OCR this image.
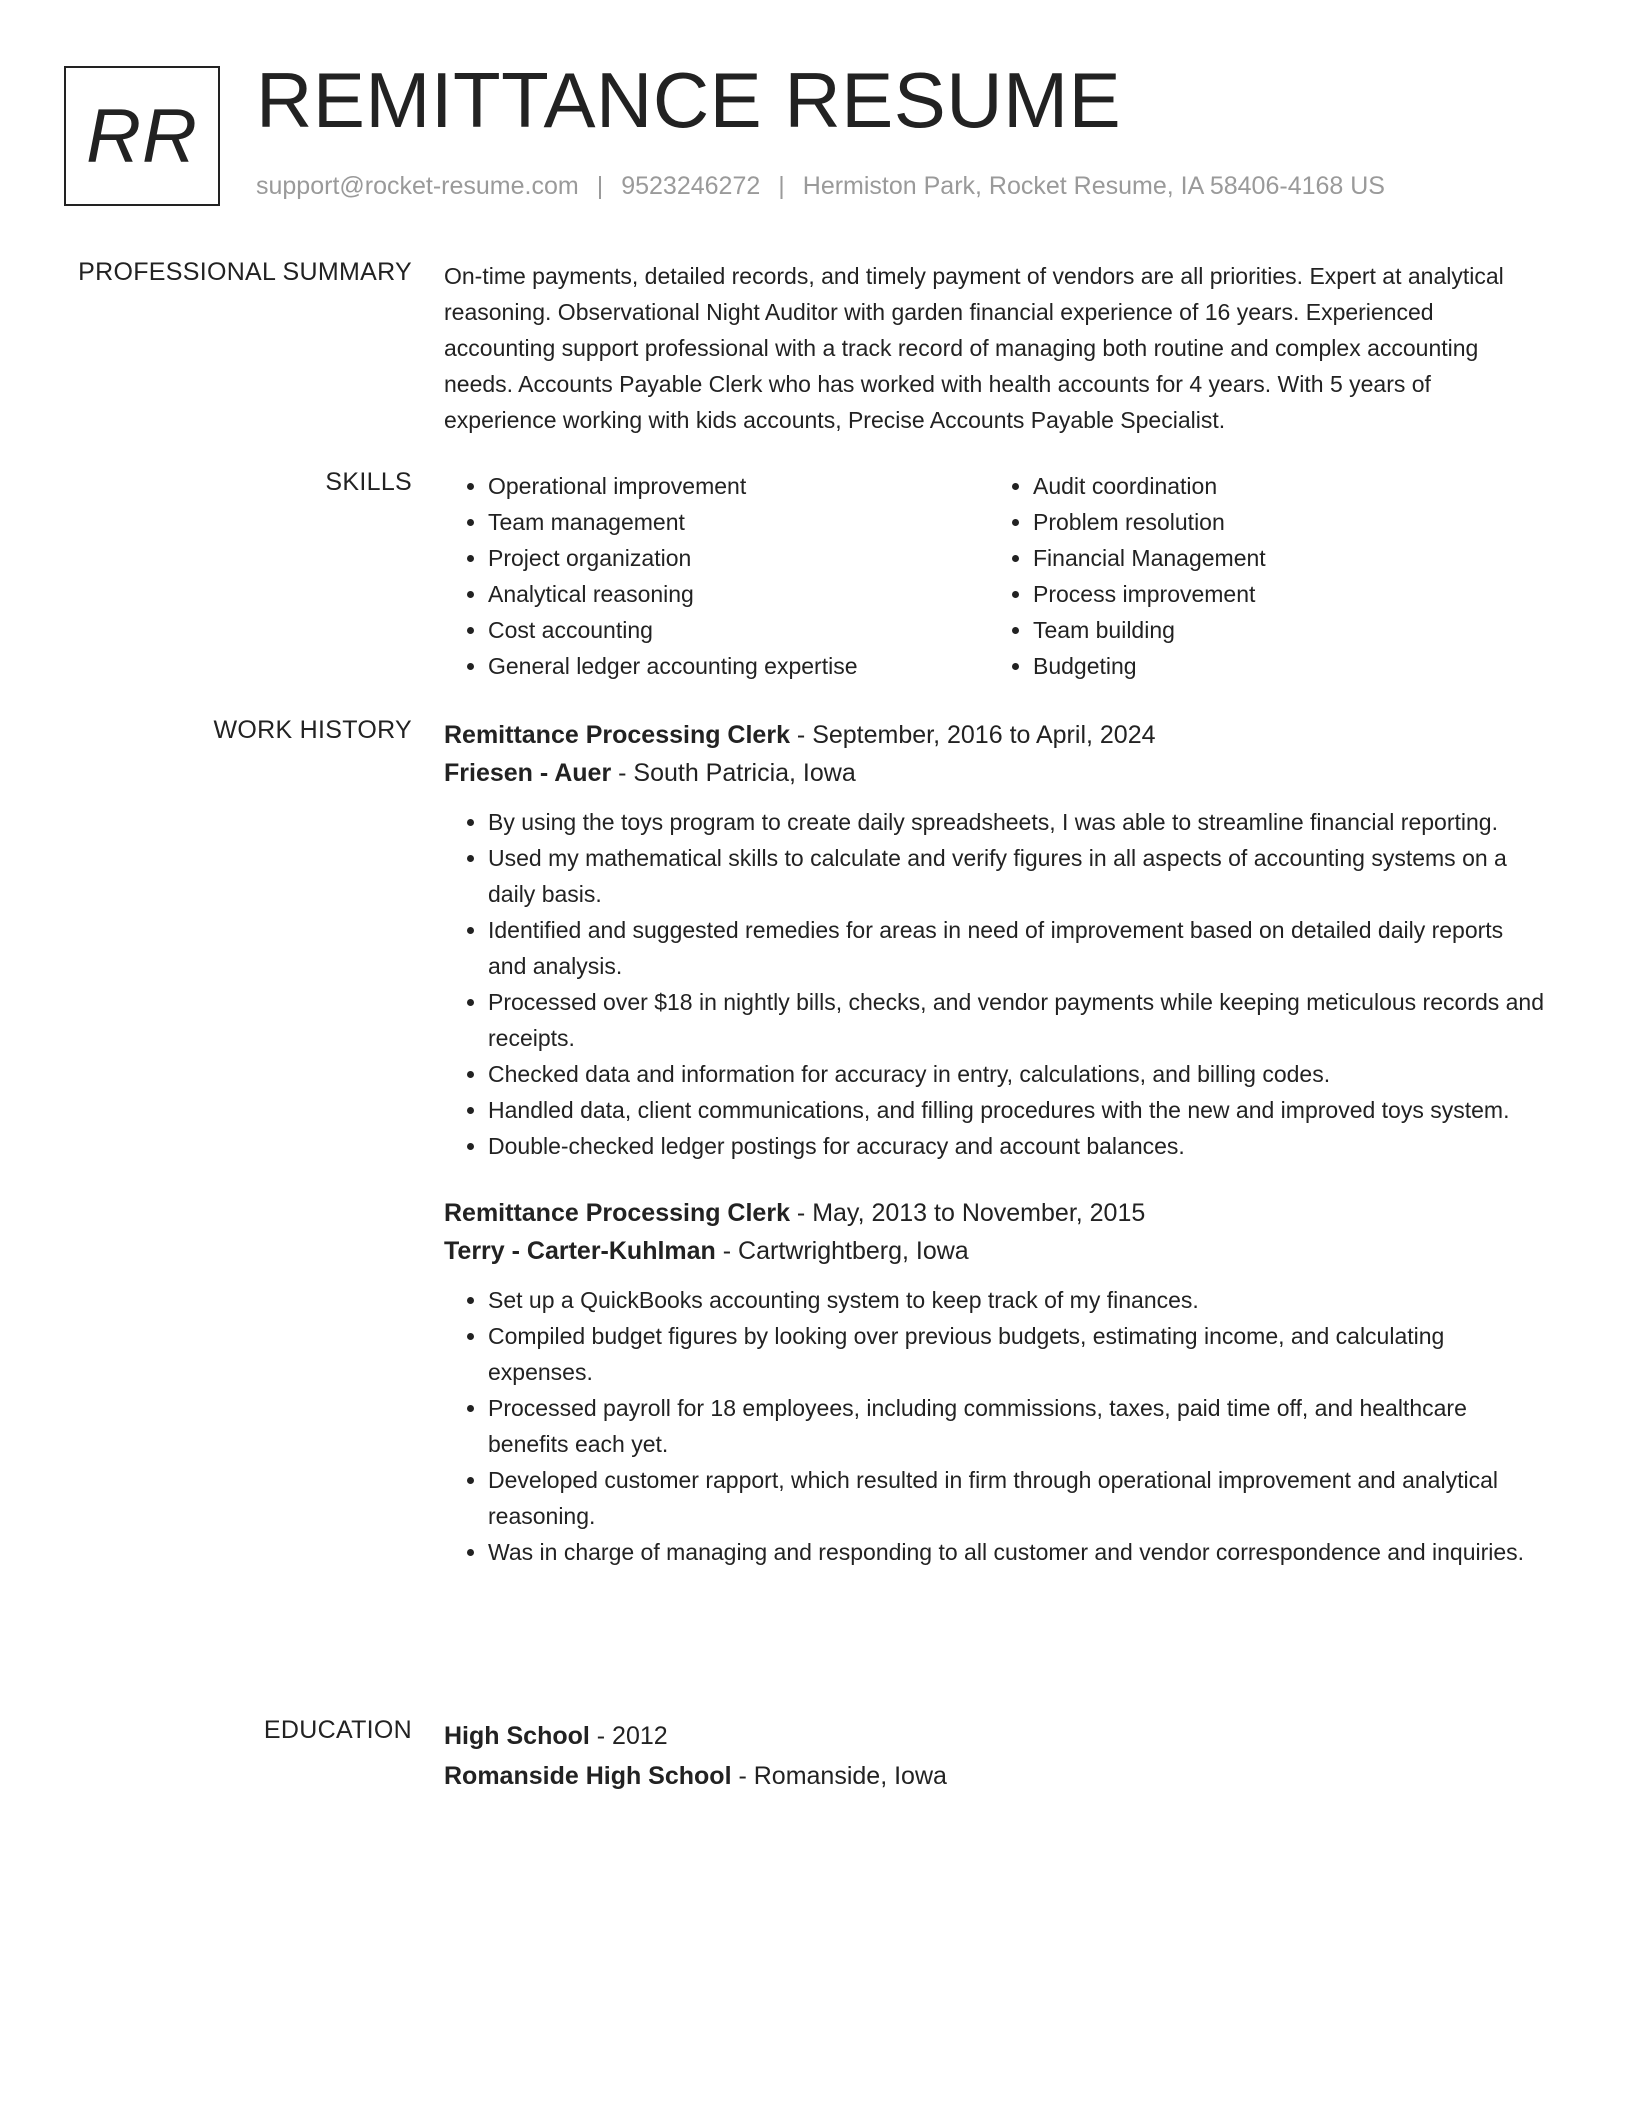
RR REMITTANCE RESUME
support@rocket-resume.com | 9523246272 | Hermiston Park, Rocket Resume, IA 58406-4168 US
PROFESSIONAL SUMMARY On-time payments, detailed records, and timely payment of vendors are all priorities. Expert at analytical reasoning. Observational Night Auditor with garden financial experience of 16 years. Experienced accounting support professional with a track record of managing both routine and complex accounting needs. Accounts Payable Clerk who has worked with health accounts for 4 years. With 5 years of experience working with kids accounts, Precise Accounts Payable Specialist.

SKILLS
•	Operational improvement
• Team management
• Project organization
• Analytical reasoning
• Cost accounting
• General ledger accounting expertise
• Audit coordination
• Problem resolution
• Financial Management
• Process improvement
• Team building
• Budgeting
WORK HISTORY Remittance Processing Clerk - September, 2016 to April, 2024
Friesen - Auer - South Patricia, Iowa
• By using the toys program to create daily spreadsheets, I was able to streamline financial reporting.
• Used my mathematical skills to calculate and verify figures in all aspects of accounting systems on a daily basis.
• Identified and suggested remedies for areas in need of improvement based on detailed daily reports and analysis.
• Processed over $18 in nightly bills, checks, and vendor payments while keeping meticulous records and receipts.
• Checked data and information for accuracy in entry, calculations, and billing codes.
• Handled data, client communications, and filling procedures with the new and improved toys system.
• Double-checked ledger postings for accuracy and account balances.
Remittance Processing Clerk - May, 2013 to November, 2015
Terry - Carter-Kuhlman - Cartwrightberg, Iowa
• Set up a QuickBooks accounting system to keep track of my finances.
• Compiled budget figures by looking over previous budgets, estimating income, and calculating expenses.
• Processed payroll for 18 employees, including commissions, taxes, paid time off, and healthcare benefits each yet.
• Developed customer rapport, which resulted in firm through operational improvement and analytical reasoning.
• Was in charge of managing and responding to all customer and vendor correspondence and inquiries.
EDUCATION High School - 2012
Romanside High School - Romanside, Iowa
